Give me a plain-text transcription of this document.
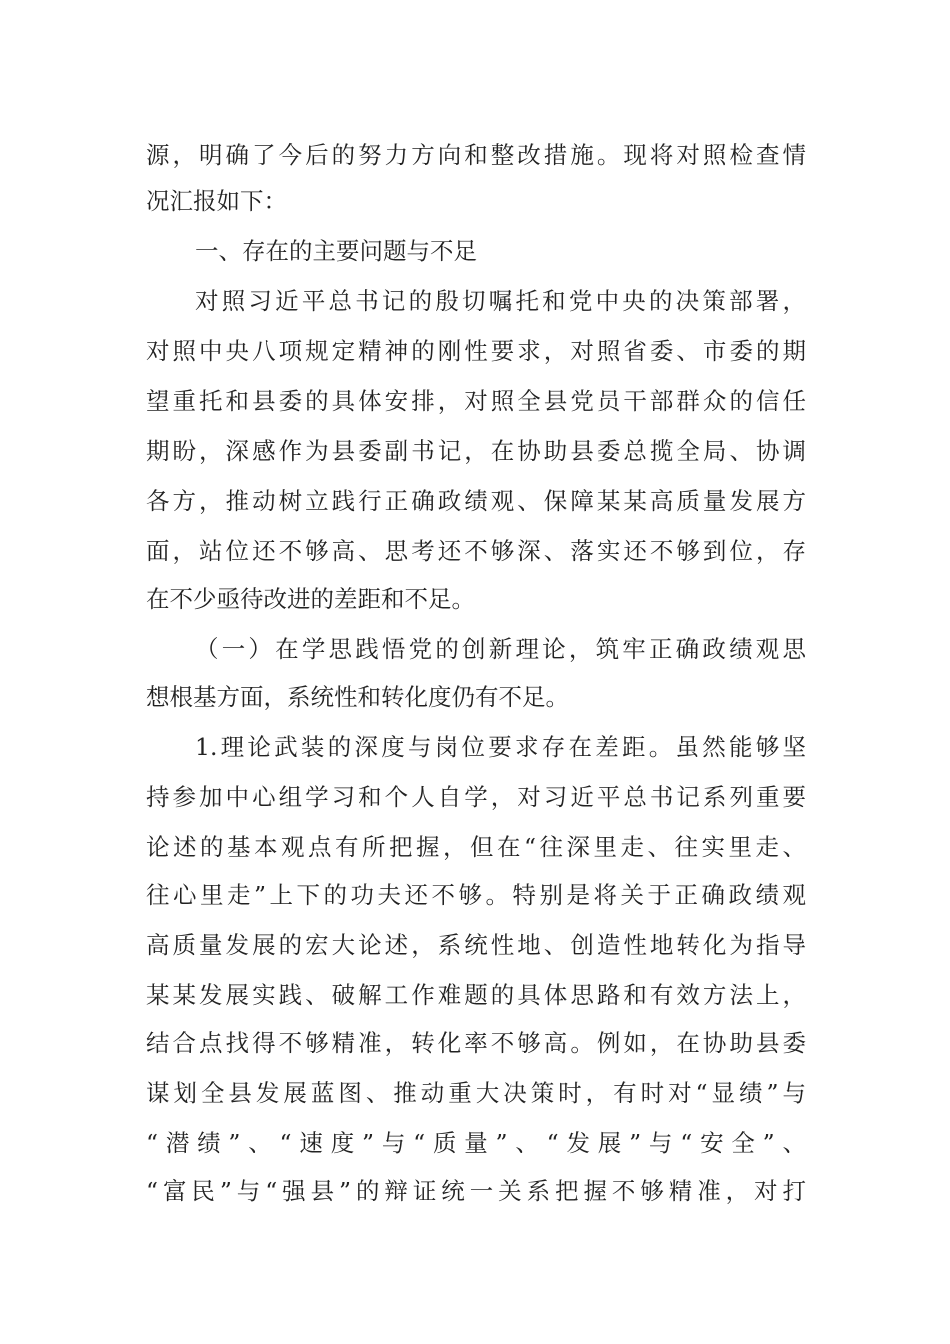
源，明确了今后的努力方向和整改措施。现将对照检查情
况汇报如下：
一、存在的主要问题与不足
对照习近平总书记的殷切嘱托和党中央的决策部署，
对照中央八项规定精神的刚性要求，对照省委、市委的期
望重托和县委的具体安排，对照全县党员干部群众的信任
期盼，深感作为县委副书记，在协助县委总揽全局、协调
各方，推动树立践行正确政绩观、保障某某高质量发展方
面，站位还不够高、思考还不够深、落实还不够到位，存
在不少亟待改进的差距和不足。
（一）在学思践悟党的创新理论，筑牢正确政绩观思
想根基方面，系统性和转化度仍有不足。
1.理论武装的深度与岗位要求存在差距。虽然能够坚
持参加中心组学习和个人自学，对习近平总书记系列重要
论述的基本观点有所把握，但在“往深里走、往实里走、
往心里走”上下的功夫还不够。特别是将关于正确政绩观
高质量发展的宏大论述，系统性地、创造性地转化为指导
某某发展实践、破解工作难题的具体思路和有效方法上，
结合点找得不够精准，转化率不够高。例如，在协助县委
谋划全县发展蓝图、推动重大决策时，有时对“显绩”与
“潜绩”、“速度”与“质量”、“发展”与“安全”、
“富民”与“强县”的辩证统一关系把握不够精准，对打
